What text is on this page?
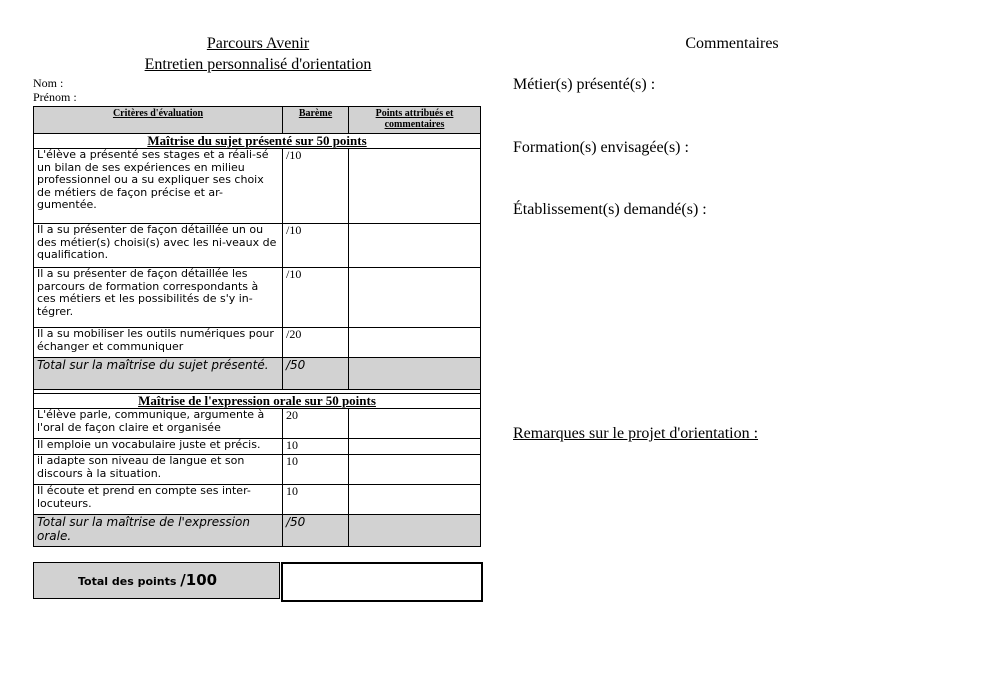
Parcours Avenir
Entretien personnalisé d'orientation
Nom :
Prénom :
Critères d'évaluation	Barème	Points attribués et commentaires
Maîtrise du sujet présenté sur 50 points		
L'élève a présenté ses stages et a réali-sé un bilan de ses expériences en milieu professionnel ou a su expliquer ses choix de métiers de façon précise et ar-gumentée.	/10	
Il a su présenter de façon détaillée un ou des métier(s) choisi(s) avec les ni-veaux de qualification.	/10	
Il a su présenter de façon détaillée les parcours de formation correspondants à ces métiers et les possibilités de s'y in-tégrer.	/10	
Il a su mobiliser les outils numériques pour échanger et communiquer	/20	
Total sur la maîtrise du sujet présenté.	/50	

Maîtrise de l'expression orale sur 50 points		
L'élève parle, communique, argumente à l'oral de façon claire et organisée	20	
Il emploie un vocabulaire juste et précis.	10	
il adapte son niveau de langue et son discours à la situation.	10	
Il écoute et prend en compte ses inter-locuteurs.	10	
Total sur la maîtrise de l'expression orale.	/50	
Total des points /100
Commentaires
Métier(s) présenté(s) :
Formation(s) envisagée(s) :
Établissement(s) demandé(s) :
Remarques sur le projet d'orientation :
